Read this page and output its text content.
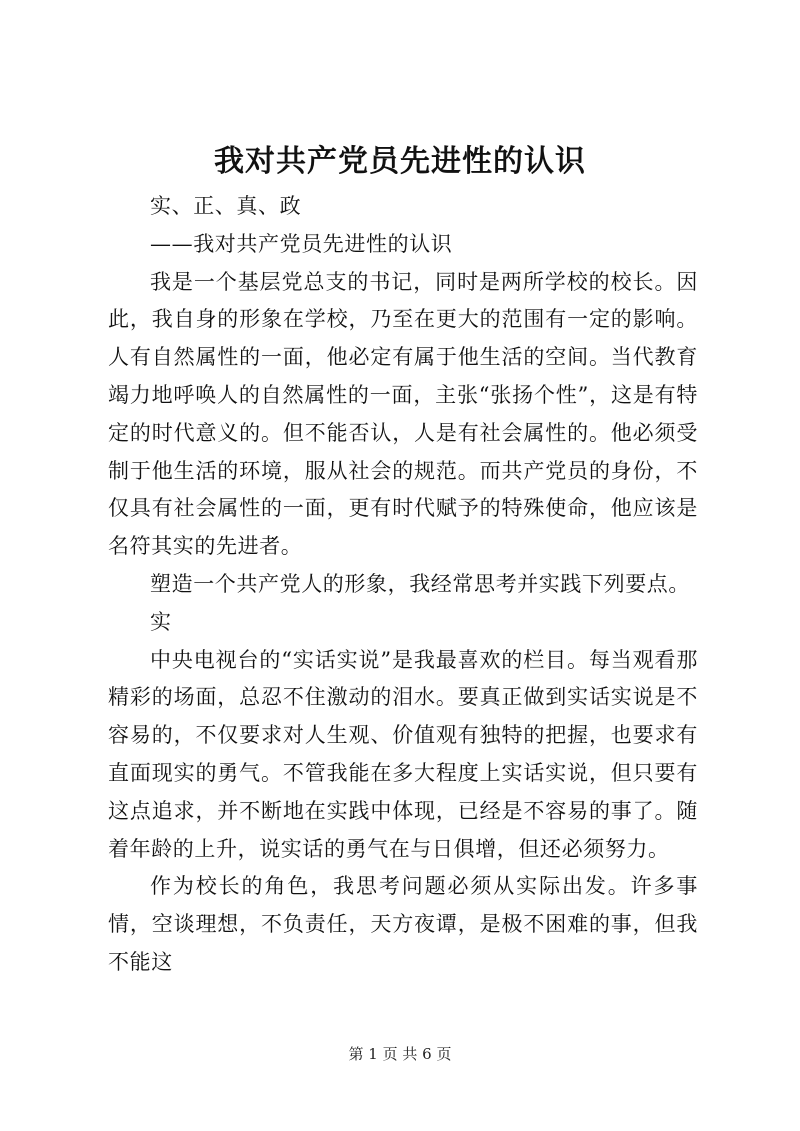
我对共产党员先进性的认识

实、正、真、政

——我对共产党员先进性的认识

我是一个基层党总支的书记，同时是两所学校的校长。因此，我自身的形象在学校，乃至在更大的范围有一定的影响。人有自然属性的一面，他必定有属于他生活的空间。当代教育竭力地呼唤人的自然属性的一面，主张“张扬个性”，这是有特定的时代意义的。但不能否认，人是有社会属性的。他必须受制于他生活的环境，服从社会的规范。而共产党员的身份，不仅具有社会属性的一面，更有时代赋予的特殊使命，他应该是名符其实的先进者。

塑造一个共产党人的形象，我经常思考并实践下列要点。

实

中央电视台的“实话实说”是我最喜欢的栏目。每当观看那精彩的场面，总忍不住激动的泪水。要真正做到实话实说是不容易的，不仅要求对人生观、价值观有独特的把握，也要求有直面现实的勇气。不管我能在多大程度上实话实说，但只要有这点追求，并不断地在实践中体现，已经是不容易的事了。随着年龄的上升，说实话的勇气在与日俱增，但还必须努力。

作为校长的角色，我思考问题必须从实际出发。许多事情，空谈理想，不负责任，天方夜谭，是极不困难的事，但我不能这

第 1 页 共 6 页
